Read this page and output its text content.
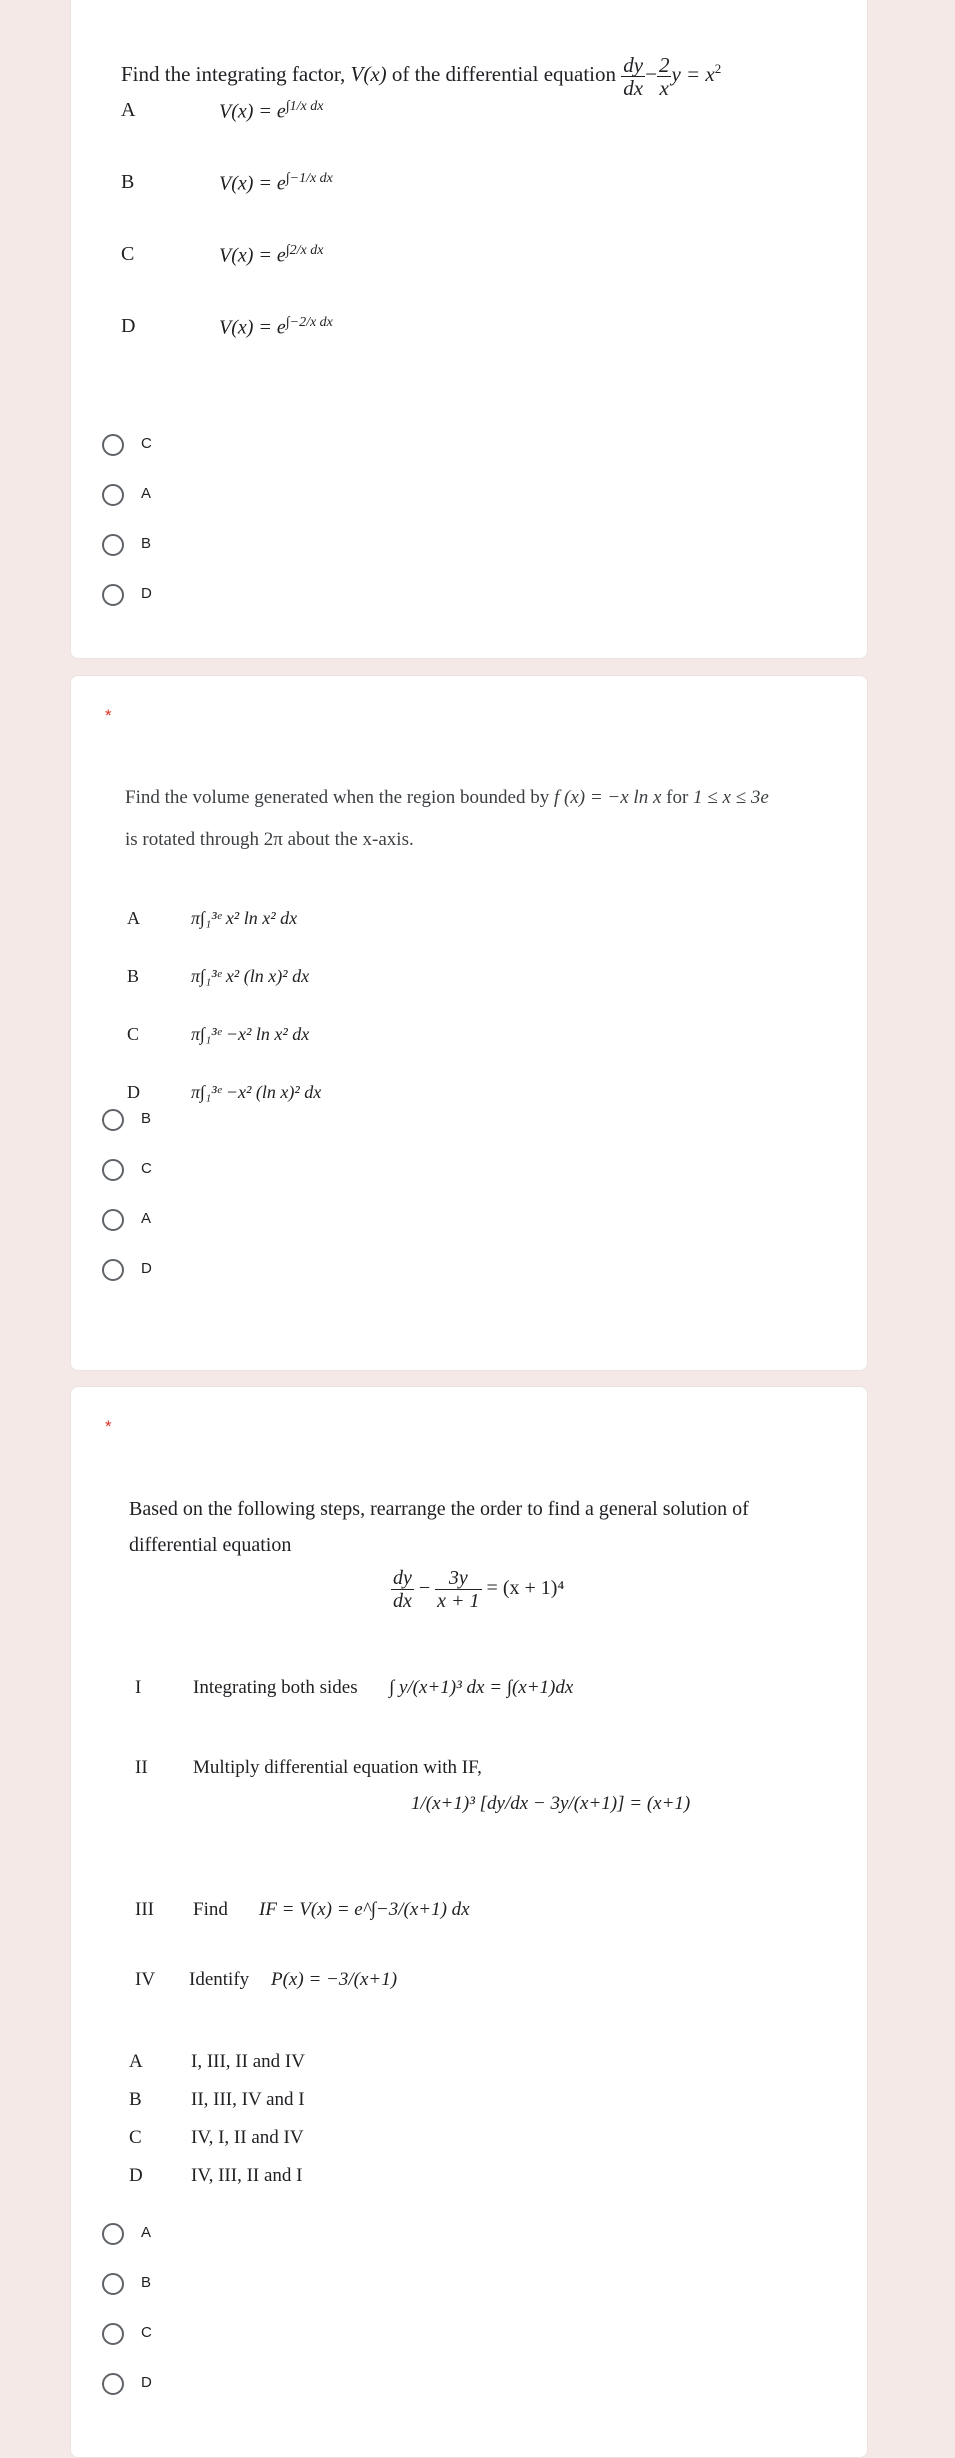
Find the integrating factor, V(x) of the differential equation $\frac{dy}{dx} - \frac{2}{x}$ $y = x^2$
A	$V(x) = e^{\int 1/x dx}$
B	$V(x) = e^{\int-1/x dx}$
C	$V(x) = e^{\int 2/x dx}$
D	$V(x) = e^{\int-2/x dx}$
C
A
B
D
*
Find the volume generated when the region bounded by f (x) = −x ln x for 1 ≤ x ≤ 3e
is rotated through 2π about the x-axis.
A	π∫₁³ᵉ x² ln x² dx
B	π∫₁³ᵉ x² (ln x)² dx
C	π∫₁³ᵉ −x² ln x² dx
D	π∫₁³ᵉ −x² (ln x)² dx
B
C
A
D
*
Based on the following steps, rearrange the order to find a general solution of
differential equation
$\frac{dy}{dx} - \frac{3y}{x + 1} = (x + 1)^4$
I	Integrating both sides ∫ y/(x+1)³ dx = ∫(x+1)dx
II Multiply differential equation with IF,
1/(x+1)³ [dy/dx − 3y/(x+1)] = (x+1)
III Find IF = V(x) = e^∫−3/(x+1) dx
IV Identify P(x) = −3/(x+1)
A	I, III, II and IV
B	II, III, IV and I
C	IV, I, II and IV
D	IV, III, II and I
A
B
C
D
